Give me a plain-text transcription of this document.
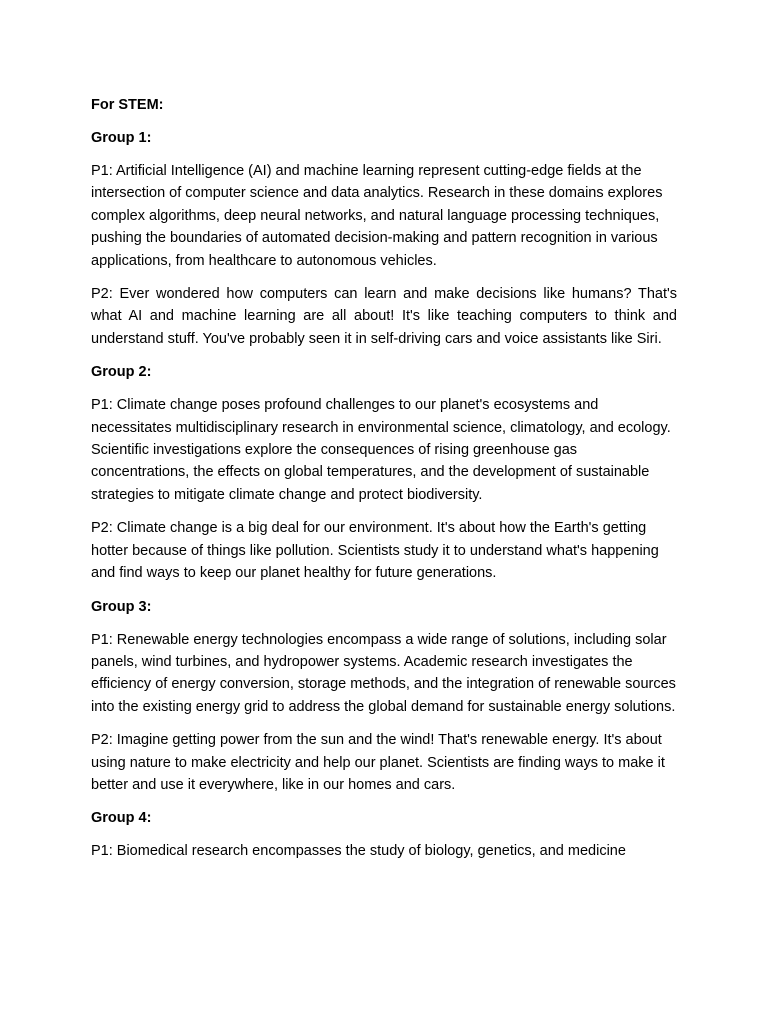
For STEM:
Group 1:

P1: Artificial Intelligence (AI) and machine learning represent cutting-edge fields at the intersection of computer science and data analytics. Research in these domains explores complex algorithms, deep neural networks, and natural language processing techniques, pushing the boundaries of automated decision-making and pattern recognition in various applications, from healthcare to autonomous vehicles.

P2: Ever wondered how computers can learn and make decisions like humans? That's what AI and machine learning are all about! It's like teaching computers to think and understand stuff. You've probably seen it in self-driving cars and voice assistants like Siri.

Group 2:

P1: Climate change poses profound challenges to our planet's ecosystems and necessitates multidisciplinary research in environmental science, climatology, and ecology. Scientific investigations explore the consequences of rising greenhouse gas concentrations, the effects on global temperatures, and the development of sustainable strategies to mitigate climate change and protect biodiversity.

P2: Climate change is a big deal for our environment. It's about how the Earth's getting hotter because of things like pollution. Scientists study it to understand what's happening and find ways to keep our planet healthy for future generations.

Group 3:

P1: Renewable energy technologies encompass a wide range of solutions, including solar panels, wind turbines, and hydropower systems. Academic research investigates the efficiency of energy conversion, storage methods, and the integration of renewable sources into the existing energy grid to address the global demand for sustainable energy solutions.

P2: Imagine getting power from the sun and the wind! That's renewable energy. It's about using nature to make electricity and help our planet. Scientists are finding ways to make it better and use it everywhere, like in our homes and cars.

Group 4:

P1: Biomedical research encompasses the study of biology, genetics, and medicine
